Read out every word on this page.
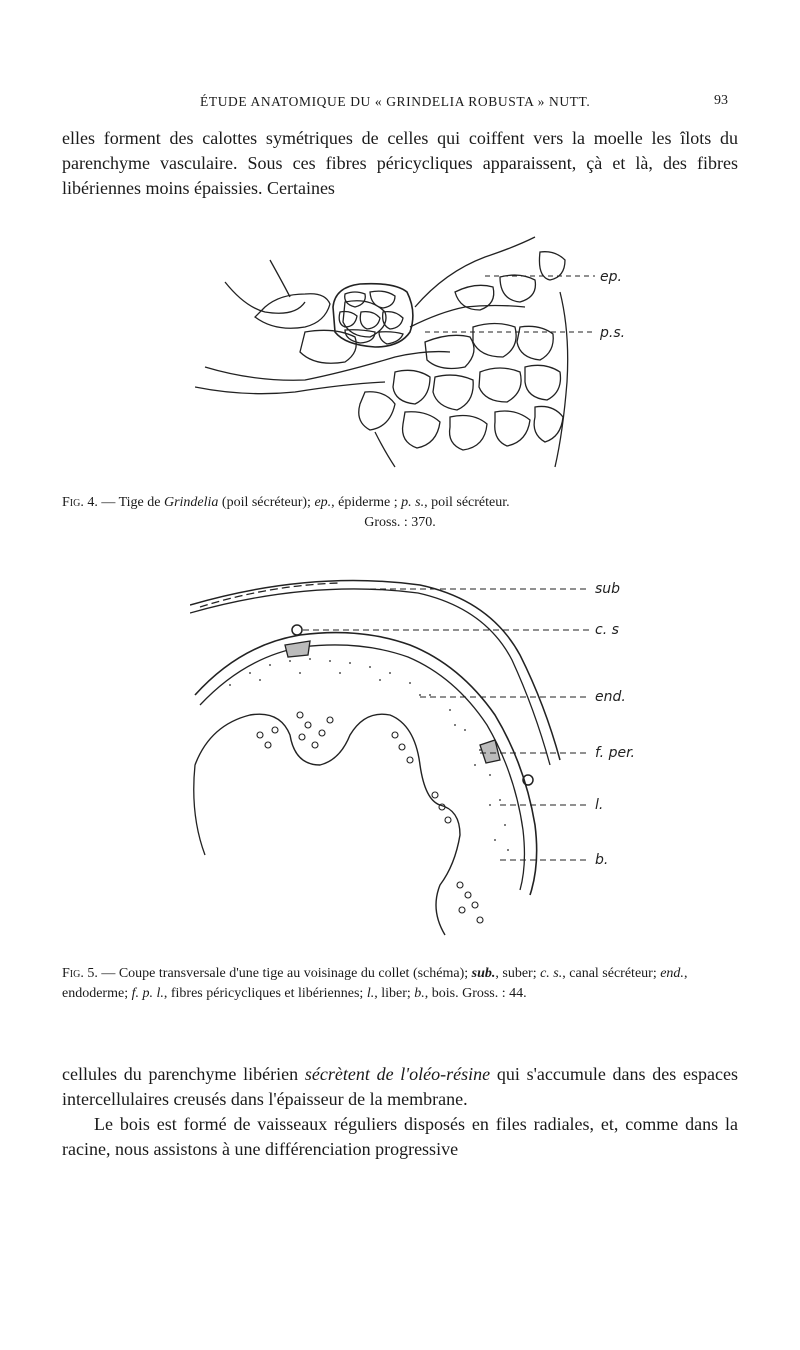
ÉTUDE ANATOMIQUE DU « GRINDELIA ROBUSTA » NUTT.	93
elles forment des calottes symétriques de celles qui coiffent vers la moelle les îlots du parenchyme vasculaire. Sous ces fibres péricycliques apparaissent, çà et là, des fibres libériennes moins épaissies. Certaines
ep.
p.s.
Fig. 4. — Tige de Grindelia (poil sécréteur); ep., épiderme ; p. s., poil sécréteur.
Gross. : 370.
sub
c. s
end.
f. per.
l.
b.
Fig. 5. — Coupe transversale d'une tige au voisinage du collet (schéma); sub., suber; c. s., canal sécréteur; end., endoderme; f. p. l., fibres péricycliques et libériennes; l., liber; b., bois. Gross. : 44.
cellules du parenchyme libérien sécrètent de l'oléo-résine qui s'accumule dans des espaces intercellulaires creusés dans l'épaisseur de la membrane.
Le bois est formé de vaisseaux réguliers disposés en files radiales, et, comme dans la racine, nous assistons à une différenciation progressive
